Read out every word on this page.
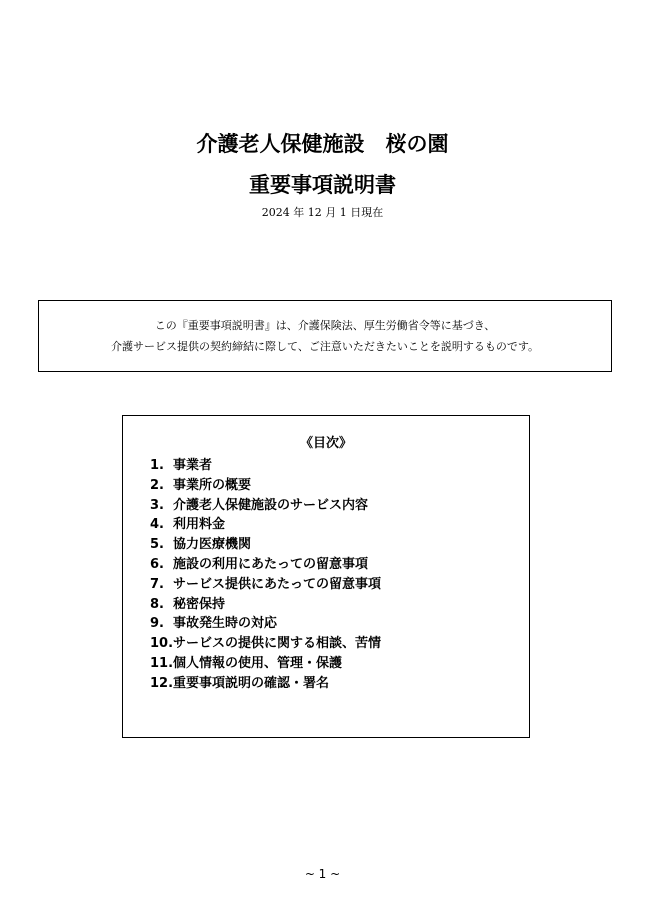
介護老人保健施設　桜の園
重要事項説明書
2024 年 12 月 1 日現在
この『重要事項説明書』は、介護保険法、厚生労働省令等に基づき、
介護サービス提供の契約締結に際して、ご注意いただきたいことを説明するものです。
《目次》
1. 事業者
2. 事業所の概要
3. 介護老人保健施設のサービス内容
4. 利用料金
5. 協力医療機関
6. 施設の利用にあたっての留意事項
7. サービス提供にあたっての留意事項
8. 秘密保持
9. 事故発生時の対応
10. サービスの提供に関する相談、苦情
11. 個人情報の使用、管理・保護
12. 重要事項説明の確認・署名
~ 1 ~
